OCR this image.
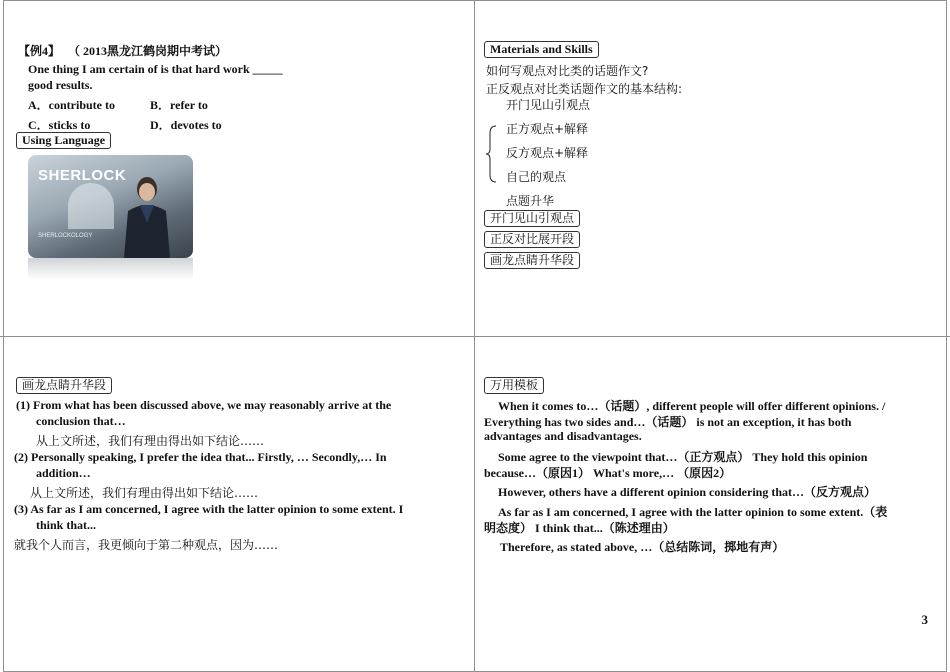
【例4】 （ 2013黑龙江鹤岗期中考试）
One thing I am certain of is that hard work _____
good results.
A．contribute to	B．refer to
C．sticks to	D．devotes to
Using Language
SHERLOCK
SHERLOCKOLOGY
Materials and Skills
如何写观点对比类的话题作文?
正反观点对比类话题作文的基本结构:
开门见山引观点
正方观点+解释
反方观点+解释
自己的观点
点题升华
开门见山引观点
正反对比展开段
画龙点睛升华段
画龙点睛升华段
(1) From what has been discussed above, we may reasonably arrive at the
conclusion that…
从上文所述，我们有理由得出如下结论……
(2) Personally speaking, I prefer the idea that... Firstly, … Secondly,… In
addition…
从上文所述，我们有理由得出如下结论……
(3) As far as I am concerned, I agree with the latter opinion to some extent. I
think that...
就我个人而言，我更倾向于第二种观点，因为……
万用模板
When it comes to…（话题）, different people will offer different opinions. /
Everything has two sides and…（话题） is not an exception, it has both
advantages and disadvantages.
Some agree to the viewpoint that…（正方观点） They hold this opinion
because…（原因1） What's more,… （原因2）
However, others have a different opinion considering that…（反方观点）
As far as I am concerned, I agree with the latter opinion to some extent.（表
明态度） I think that...（陈述理由）
Therefore, as stated above, …（总结陈词，掷地有声）
3
